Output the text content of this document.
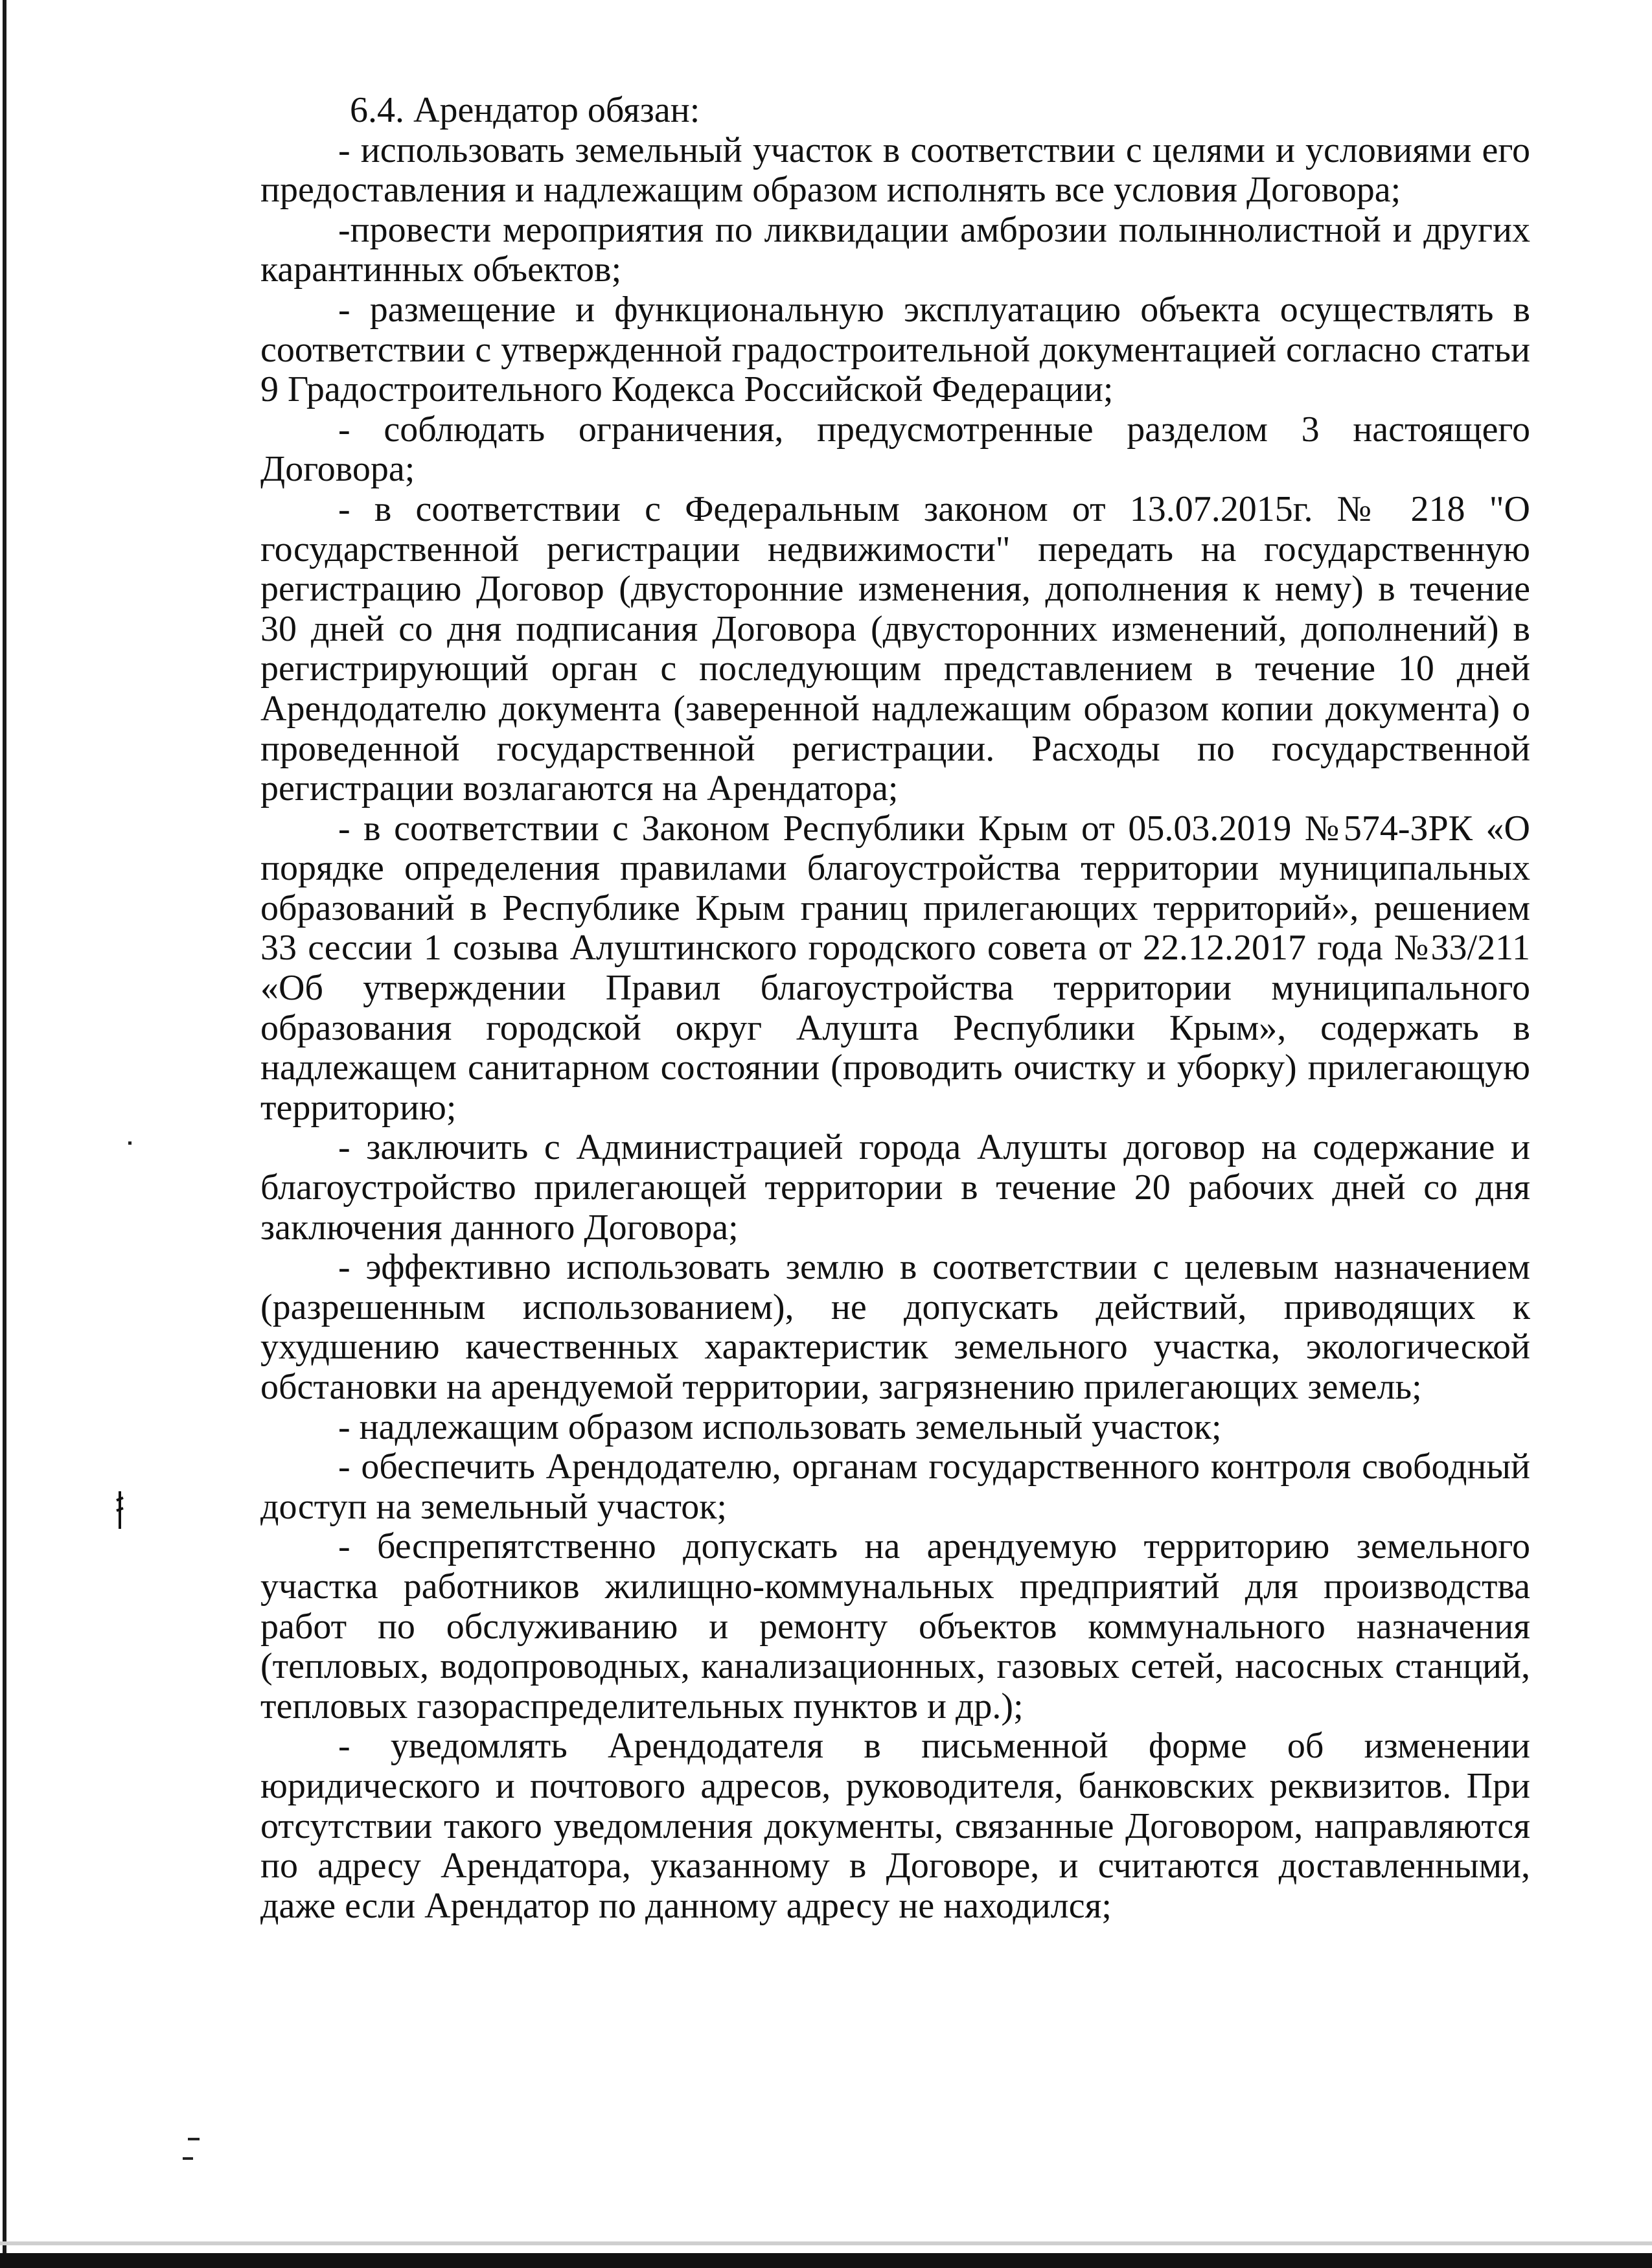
6.4. Арендатор обязан:

- использовать земельный участок в соответствии с целями и условиями его предоставления и надлежащим образом исполнять все условия Договора;

-провести мероприятия по ликвидации амброзии полыннолистной и других карантинных объектов;

- размещение и функциональную эксплуатацию объекта осуществлять в соответствии с утвержденной градостроительной документацией согласно статьи 9 Градостроительного Кодекса Российской Федерации;

- соблюдать ограничения, предусмотренные разделом 3 настоящего Договора;

- в соответствии с Федеральным законом от 13.07.2015г. № 218 "О государственной регистрации недвижимости" передать на государственную регистрацию Договор (двусторонние изменения, дополнения к нему) в течение 30 дней со дня подписания Договора (двусторонних изменений, дополнений) в регистрирующий орган с последующим представлением в течение 10 дней Арендодателю документа (заверенной надлежащим образом копии документа) о проведенной государственной регистрации. Расходы по государственной регистрации возлагаются на Арендатора;

- в соответствии с Законом Республики Крым от 05.03.2019 №574-ЗРК «О порядке определения правилами благоустройства территории муниципальных образований в Республике Крым границ прилегающих территорий», решением 33 сессии 1 созыва Алуштинского городского совета от 22.12.2017 года №33/211 «Об утверждении Правил благоустройства территории муниципального образования городской округ Алушта Республики Крым», содержать в надлежащем санитарном состоянии (проводить очистку и уборку) прилегающую территорию;

- заключить с Администрацией города Алушты договор на содержание и благоустройство прилегающей территории в течение 20 рабочих дней со дня заключения данного Договора;

- эффективно использовать землю в соответствии с целевым назначением (разрешенным использованием), не допускать действий, приводящих к ухудшению качественных характеристик земельного участка, экологической обстановки на арендуемой территории, загрязнению прилегающих земель;

- надлежащим образом использовать земельный участок;

- обеспечить Арендодателю, органам государственного контроля свободный доступ на земельный участок;

- беспрепятственно допускать на арендуемую территорию земельного участка работников жилищно-коммунальных предприятий для производства работ по обслуживанию и ремонту объектов коммунального назначения (тепловых, водопроводных, канализационных, газовых сетей, насосных станций, тепловых газораспределительных пунктов и др.);

- уведомлять Арендодателя в письменной форме об изменении юридического и почтового адресов, руководителя, банковских реквизитов. При отсутствии такого уведомления документы, связанные Договором, направляются по адресу Арендатора, указанному в Договоре, и считаются доставленными, даже если Арендатор по данному адресу не находился;
